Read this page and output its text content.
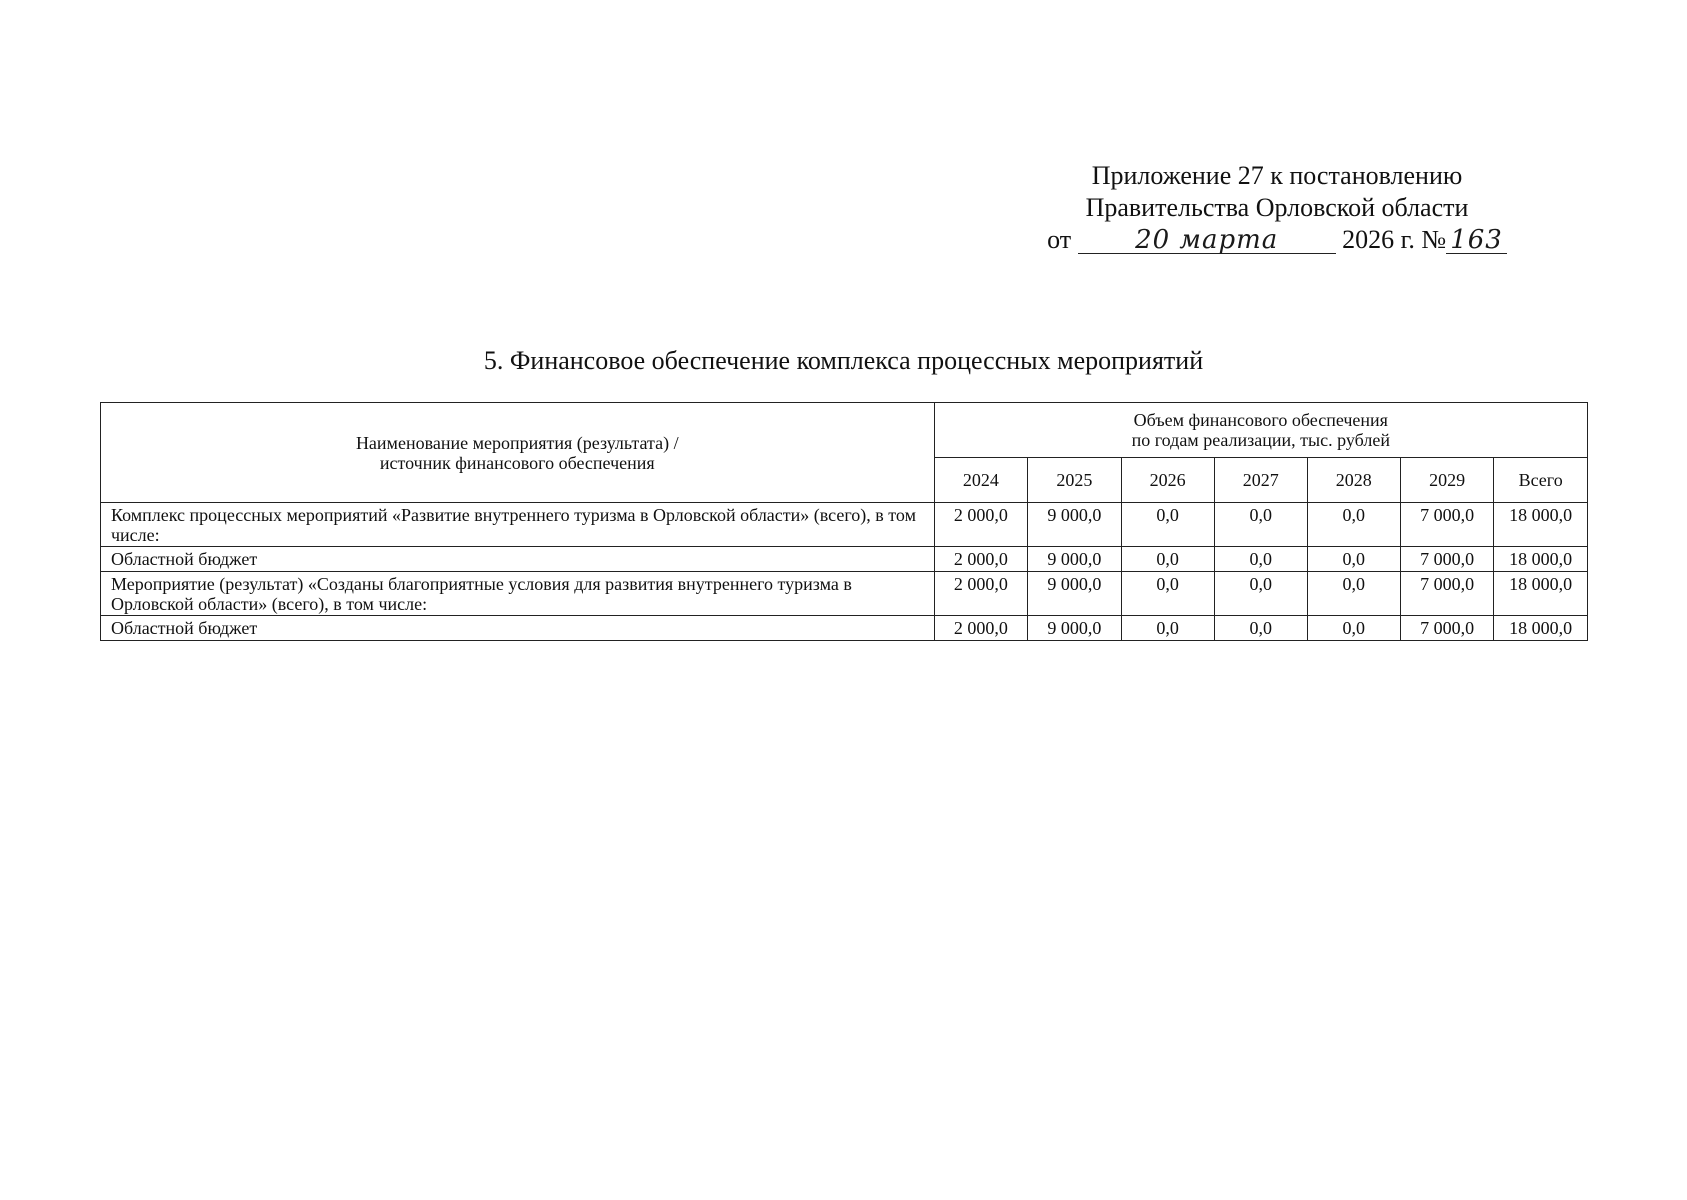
Приложение 27 к постановлению
Правительства Орловской области
от 20 марта 2026 г. № 163
5. Финансовое обеспечение комплекса процессных мероприятий
Наименование мероприятия (результата) /
источник финансового обеспечения	Объем финансового обеспечения
по годам реализации, тыс. рублей						
	2024	2025	2026	2027	2028	2029	Всего
Комплекс процессных мероприятий «Развитие внутреннего туризма в Орловской области» (всего), в том числе:	2 000,0	9 000,0	0,0	0,0	0,0	7 000,0	18 000,0
Областной бюджет	2 000,0	9 000,0	0,0	0,0	0,0	7 000,0	18 000,0
Мероприятие (результат) «Созданы благоприятные условия для развития внутреннего туризма в Орловской области» (всего), в том числе:	2 000,0	9 000,0	0,0	0,0	0,0	7 000,0	18 000,0
Областной бюджет	2 000,0	9 000,0	0,0	0,0	0,0	7 000,0	18 000,0
